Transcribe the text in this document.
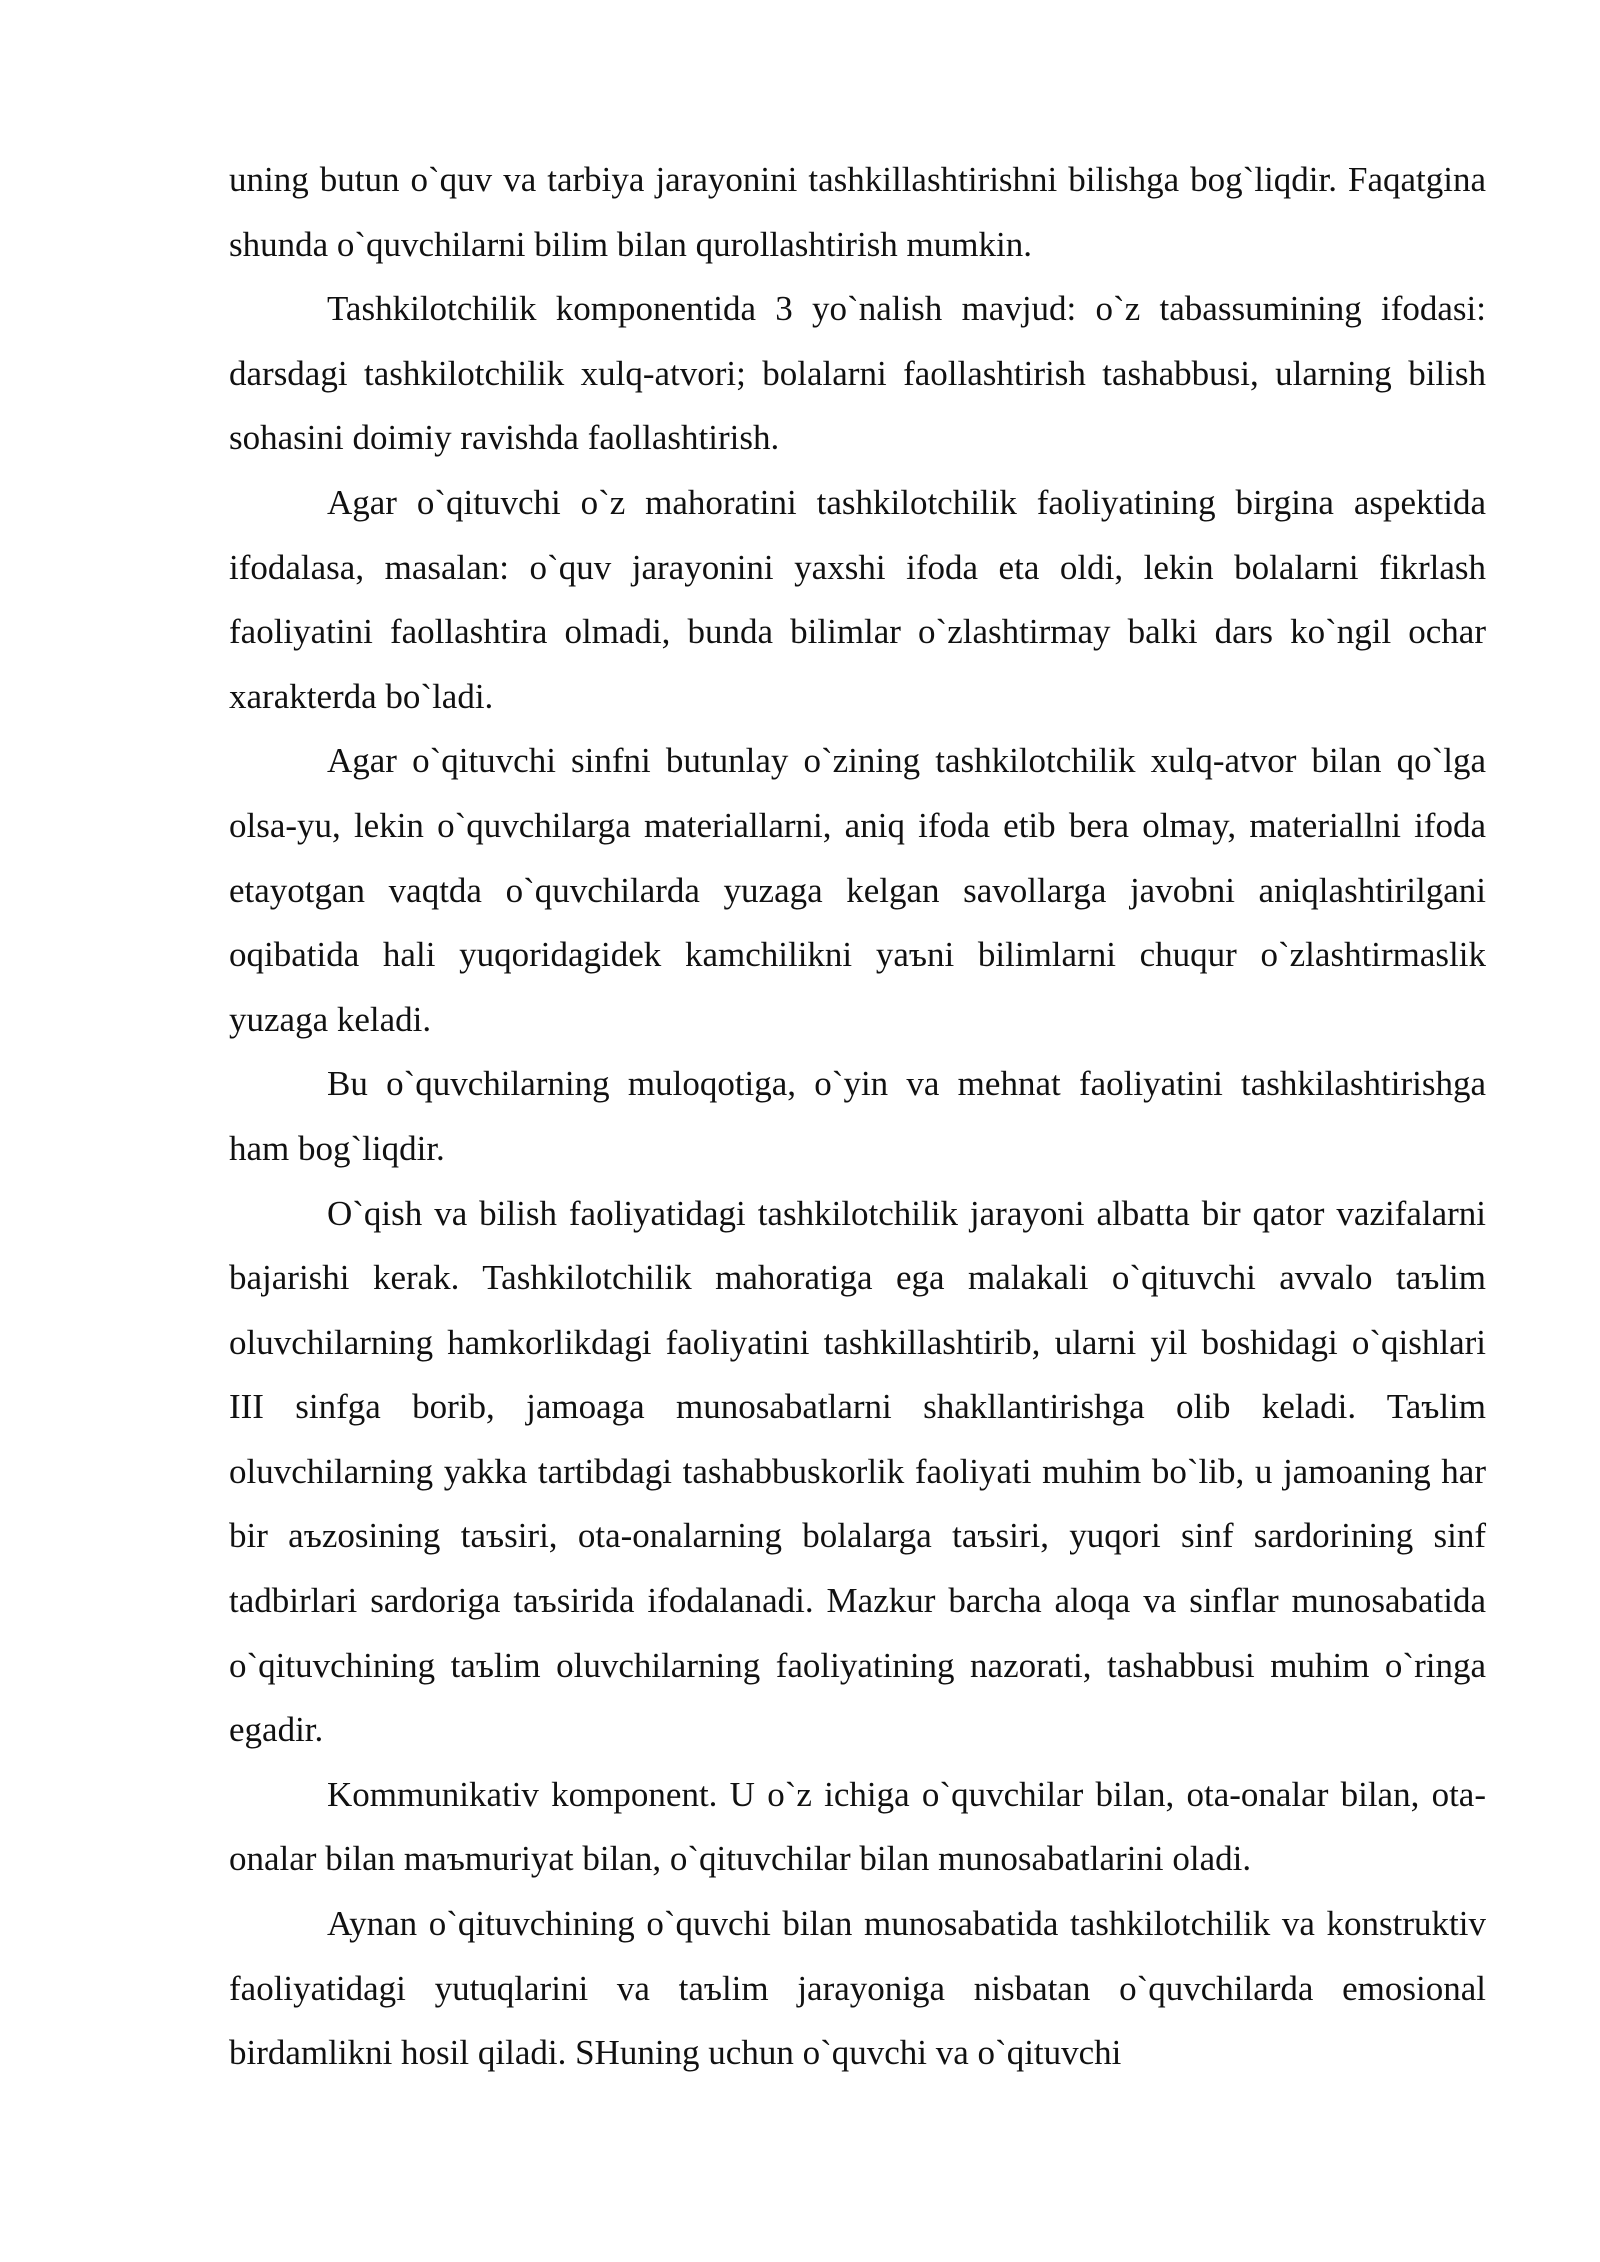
uning butun o`quv va tarbiya jarayonini tashkillashtirishni bilishga bog`liqdir. Faqatgina shunda o`quvchilarni bilim bilan qurollashtirish mumkin.

Tashkilotchilik komponentida 3 yo`nalish mavjud: o`z tabassumining ifodasi: darsdagi tashkilotchilik xulq-atvori; bolalarni faollashtirish tashabbusi, ularning bilish sohasini doimiy ravishda faollashtirish.

Agar o`qituvchi o`z mahoratini tashkilotchilik faoliyatining birgina aspektida ifodalasa, masalan: o`quv jarayonini yaxshi ifoda eta oldi, lekin bolalarni fikrlash faoliyatini faollashtira olmadi, bunda bilimlar o`zlashtirmay balki dars ko`ngil ochar xarakterda bo`ladi.

Agar o`qituvchi sinfni butunlay o`zining tashkilotchilik xulq-atvor bilan qo`lga olsa-yu, lekin o`quvchilarga materiallarni, aniq ifoda etib bera olmay, materiallni ifoda etayotgan vaqtda o`quvchilarda yuzaga kelgan savollarga javobni aniqlashtirilgani oqibatida hali yuqoridagidek kamchilikni yaъni bilimlarni chuqur o`zlashtirmaslik yuzaga keladi.

Bu o`quvchilarning muloqotiga, o`yin va mehnat faoliyatini tashkilashtirishga ham bog`liqdir.

O`qish va bilish faoliyatidagi tashkilotchilik jarayoni albatta bir qator vazifalarni bajarishi kerak. Tashkilotchilik mahoratiga ega malakali o`qituvchi avvalo taъlim oluvchilarning hamkorlikdagi faoliyatini tashkillashtirib, ularni yil boshidagi o`qishlari III sinfga borib, jamoaga munosabatlarni shakllantirishga olib keladi. Taъlim oluvchilarning yakka tartibdagi tashabbuskorlik faoliyati muhim bo`lib, u jamoaning har bir aъzosining taъsiri, ota-onalarning bolalarga taъsiri, yuqori sinf sardorining sinf tadbirlari sardoriga taъsirida ifodalanadi. Mazkur barcha aloqa va sinflar munosabatida o`qituvchining taъlim oluvchilarning faoliyatining nazorati, tashabbusi muhim o`ringa egadir.

Kommunikativ komponent. U o`z ichiga o`quvchilar bilan, ota-onalar bilan, ota-onalar bilan maъmuriyat bilan, o`qituvchilar bilan munosabatlarini oladi.

Aynan o`qituvchining o`quvchi bilan munosabatida tashkilotchilik va konstruktiv faoliyatidagi yutuqlarini va taъlim jarayoniga nisbatan o`quvchilarda emosional birdamlikni hosil qiladi. SHuning uchun o`quvchi va o`qituvchi
